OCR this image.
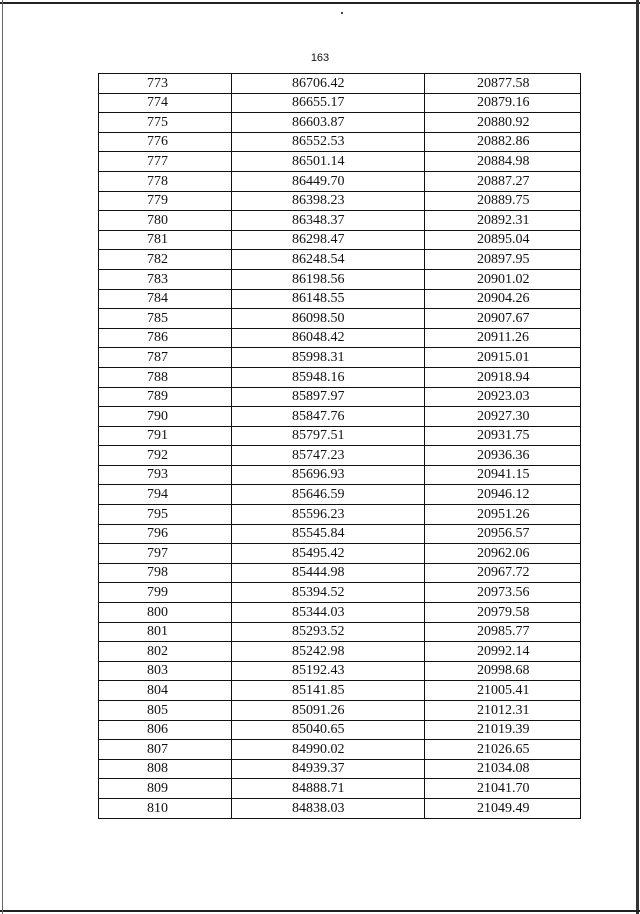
163
773	86706.42	20877.58
774	86655.17	20879.16
775	86603.87	20880.92
776	86552.53	20882.86
777	86501.14	20884.98
778	86449.70	20887.27
779	86398.23	20889.75
780	86348.37	20892.31
781	86298.47	20895.04
782	86248.54	20897.95
783	86198.56	20901.02
784	86148.55	20904.26
785	86098.50	20907.67
786	86048.42	20911.26
787	85998.31	20915.01
788	85948.16	20918.94
789	85897.97	20923.03
790	85847.76	20927.30
791	85797.51	20931.75
792	85747.23	20936.36
793	85696.93	20941.15
794	85646.59	20946.12
795	85596.23	20951.26
796	85545.84	20956.57
797	85495.42	20962.06
798	85444.98	20967.72
799	85394.52	20973.56
800	85344.03	20979.58
801	85293.52	20985.77
802	85242.98	20992.14
803	85192.43	20998.68
804	85141.85	21005.41
805	85091.26	21012.31
806	85040.65	21019.39
807	84990.02	21026.65
808	84939.37	21034.08
809	84888.71	21041.70
810	84838.03	21049.49
